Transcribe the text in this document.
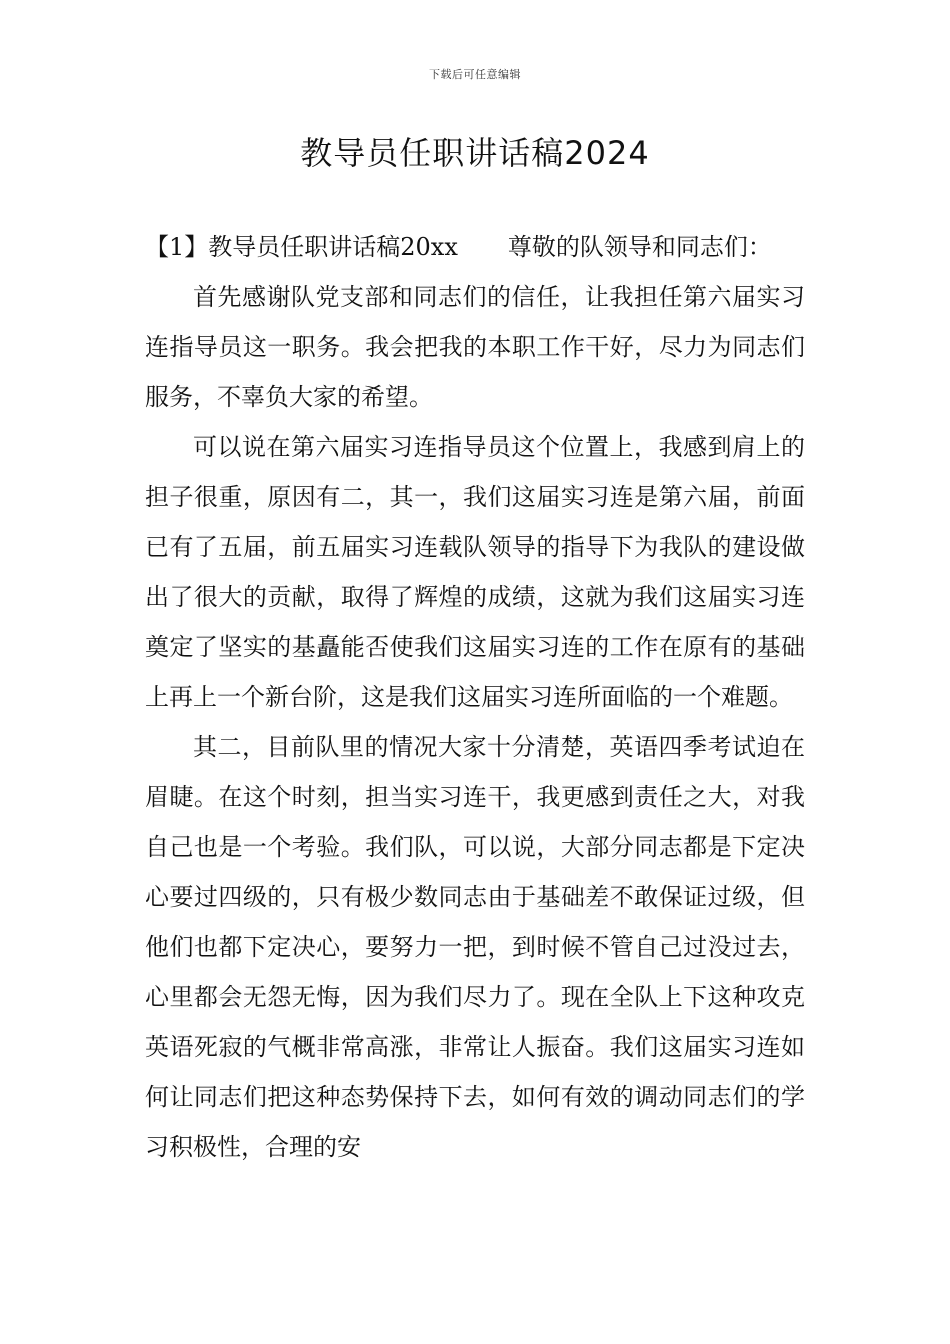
下载后可任意编辑
教导员任职讲话稿2024

【1】教导员任职讲话稿20xx 尊敬的队领导和同志们：

首先感谢队党支部和同志们的信任，让我担任第六届实习连指导员这一职务。我会把我的本职工作干好，尽力为同志们服务，不辜负大家的希望。

可以说在第六届实习连指导员这个位置上，我感到肩上的担子很重，原因有二，其一，我们这届实习连是第六届，前面已有了五届，前五届实习连载队领导的指导下为我队的建设做出了很大的贡献，取得了辉煌的成绩，这就为我们这届实习连奠定了坚实的基矗能否使我们这届实习连的工作在原有的基础上再上一个新台阶，这是我们这届实习连所面临的一个难题。

其二，目前队里的情况大家十分清楚，英语四季考试迫在眉睫。在这个时刻，担当实习连干，我更感到责任之大，对我自己也是一个考验。我们队，可以说，大部分同志都是下定决心要过四级的，只有极少数同志由于基础差不敢保证过级，但他们也都下定决心，要努力一把，到时候不管自己过没过去，心里都会无怨无悔，因为我们尽力了。现在全队上下这种攻克英语死寂的气概非常高涨，非常让人振奋。我们这届实习连如何让同志们把这种态势保持下去，如何有效的调动同志们的学习积极性，合理的安
